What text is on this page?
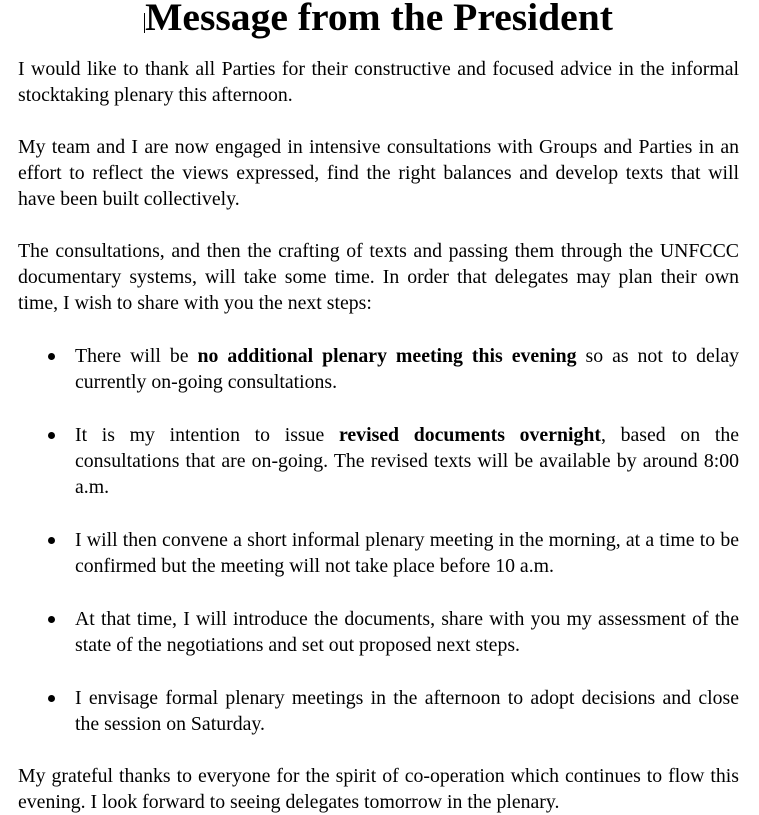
Message from the President

I would like to thank all Parties for their constructive and focused advice in the informal stocktaking plenary this afternoon.

My team and I are now engaged in intensive consultations with Groups and Parties in an effort to reflect the views expressed, find the right balances and develop texts that will have been built collectively.

The consultations, and then the crafting of texts and passing them through the UNFCCC documentary systems, will take some time. In order that delegates may plan their own time, I wish to share with you the next steps:

There will be no additional plenary meeting this evening so as not to delay currently on-going consultations.
It is my intention to issue revised documents overnight, based on the consultations that are on-going. The revised texts will be available by around 8:00 a.m.
I will then convene a short informal plenary meeting in the morning, at a time to be confirmed but the meeting will not take place before 10 a.m.
At that time, I will introduce the documents, share with you my assessment of the state of the negotiations and set out proposed next steps.
I envisage formal plenary meetings in the afternoon to adopt decisions and close the session on Saturday.

My grateful thanks to everyone for the spirit of co-operation which continues to flow this evening. I look forward to seeing delegates tomorrow in the plenary.
